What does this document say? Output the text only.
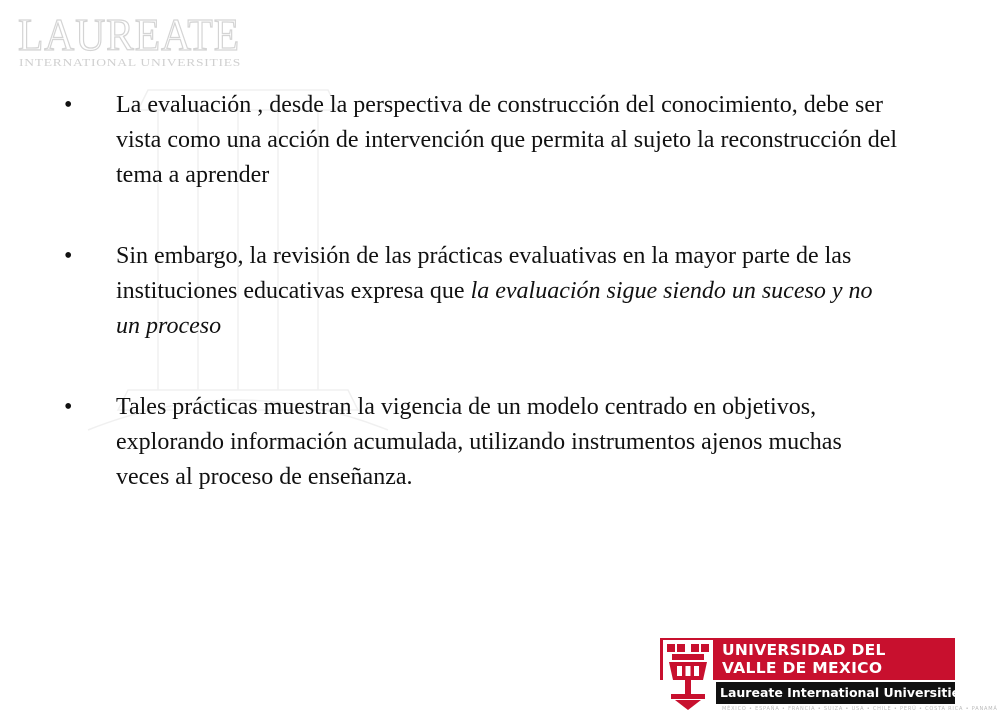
LAUREATE
INTERNATIONAL UNIVERSITIES
• La evaluación , desde la perspectiva de construcción del conocimiento, debe ser vista como una acción de intervención que permita al sujeto la reconstrucción del tema a aprender
• Sin embargo, la revisión de las prácticas evaluativas en la mayor parte de las instituciones educativas expresa que la evaluación sigue siendo un suceso y no un proceso
• Tales prácticas muestran la vigencia de un modelo centrado en objetivos, explorando información acumulada, utilizando instrumentos ajenos muchas veces al proceso de enseñanza.
UNIVERSIDAD DEL
VALLE DE MEXICO
Laureate International Universities®
MÉXICO • ESPAÑA • FRANCIA • SUIZA • USA • CHILE • PERÚ • COSTA RICA • PANAMÁ
